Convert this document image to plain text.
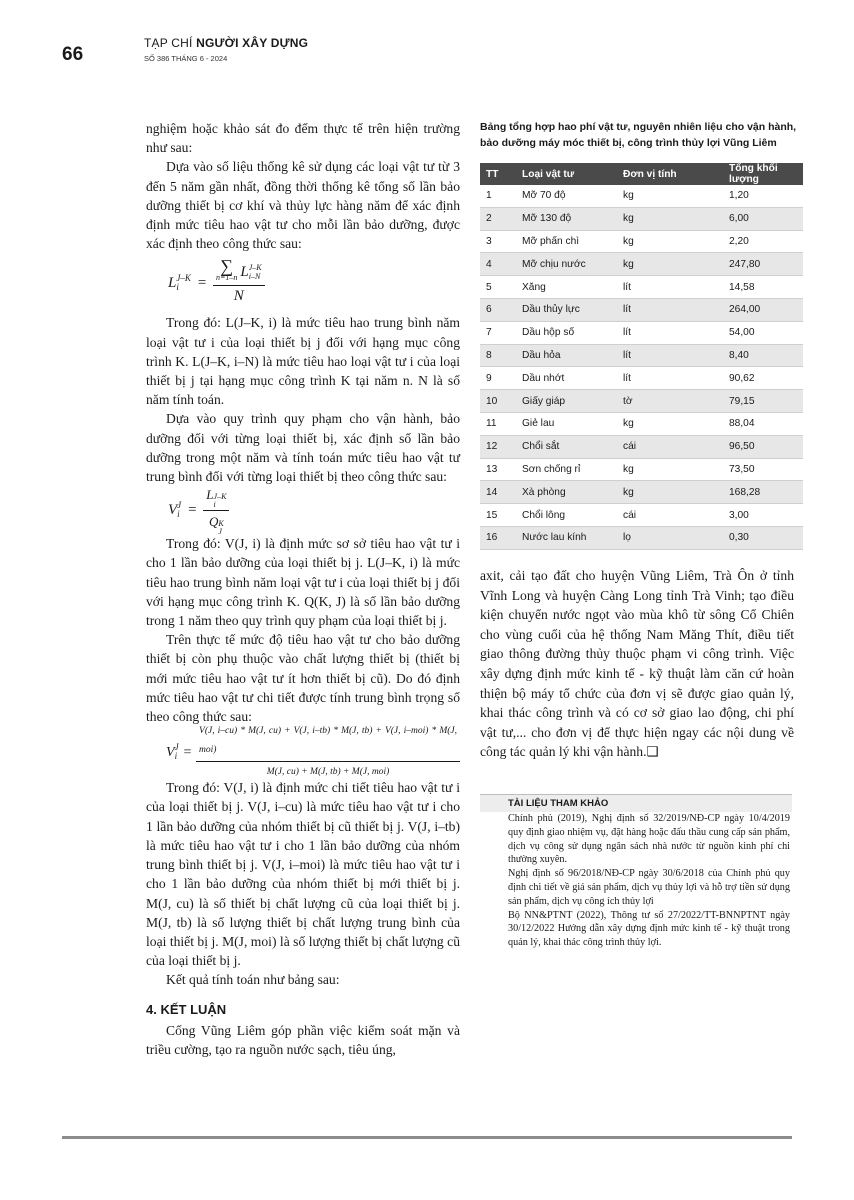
66
TẠP CHÍ NGƯỜI XÂY DỰNG
SỐ 386 THÁNG 6 - 2024

nghiệm hoặc khảo sát đo đếm thực tế trên hiện trường như sau:

Dựa vào số liệu thống kê sử dụng các loại vật tư từ 3 đến 5 năm gần nhất, đồng thời thống kê tổng số lần bảo dưỡng thiết bị cơ khí và thủy lực hàng năm để xác định định mức tiêu hao vật tư cho mỗi lần bảo dưỡng, được xác định theo công thức sau:

L J–K
i	= ∑
n=1–n L J–K
i–N
N

Trong đó: L(J–K, i) là mức tiêu hao trung bình năm loại vật tư i của loại thiết bị j đối với hạng mục công trình K. L(J–K, i–N) là mức tiêu hao loại vật tư i của loại thiết bị j tại hạng mục công trình K tại năm n. N là số năm tính toán.

Dựa vào quy trình quy phạm cho vận hành, bảo dưỡng đối với từng loại thiết bị, xác định số lần bảo dưỡng trong một năm và tính toán mức tiêu hao vật tư trung bình đối với từng loại thiết bị theo công thức sau:

V J
i = L J–K
i
Q K
J

Trong đó: V(J, i) là định mức sơ sở tiêu hao vật tư i cho 1 lần bảo dưỡng của loại thiết bị j. L(J–K, i) là mức tiêu hao trung bình năm loại vật tư i của loại thiết bị j đối với hạng mục công trình K. Q(K, J) là số lần bảo dưỡng trong 1 năm theo quy trình quy phạm của loại thiết bị j.

Trên thực tế mức độ tiêu hao vật tư cho bảo dưỡng thiết bị còn phụ thuộc vào chất lượng thiết bị (thiết bị mới mức tiêu hao vật tư ít hơn thiết bị cũ). Do đó định mức tiêu hao vật tư chi tiết được tính trung bình trọng số theo công thức sau:

V J
i =
V(J, i–cu) * M(J, cu) + V(J, i–tb) * M(J, tb) + V(J, i–moi) * M(J, moi)
M(J, cu) + M(J, tb) + M(J, moi)

Trong đó: V(J, i) là định mức chi tiết tiêu hao vật tư i của loại thiết bị j. V(J, i–cu) là mức tiêu hao vật tư i cho 1 lần bảo dưỡng của nhóm thiết bị cũ thiết bị j. V(J, i–tb) là mức tiêu hao vật tư i cho 1 lần bảo dưỡng của nhóm trung bình thiết bị j. V(J, i–moi) là mức tiêu hao vật tư i cho 1 lần bảo dưỡng của nhóm thiết bị mới thiết bị j. M(J, cu) là số thiết bị chất lượng cũ của loại thiết bị j. M(J, tb) là số lượng thiết bị chất lượng trung bình của loại thiết bị j. M(J, moi) là số lượng thiết bị chất lượng cũ của loại thiết bị j.

Kết quả tính toán như bảng sau:

4. KẾT LUẬN

Cống Vũng Liêm góp phần việc kiểm soát mặn và triều cường, tạo ra nguồn nước sạch, tiêu úng,

Bảng tổng hợp hao phí vật tư, nguyên nhiên liệu cho vận hành, bảo dưỡng máy móc thiết bị, công trình thủy lợi Vũng Liêm
TT	Loại vật tư	Đơn vị tính	Tổng khối lượng
1	Mỡ 70 độ	kg	1,20
2	Mỡ 130 độ	kg	6,00
3	Mỡ phấn chì	kg	2,20
4	Mỡ chịu nước	kg	247,80
5	Xăng	lít	14,58
6	Dầu thủy lực	lít	264,00
7	Dầu hộp số	lít	54,00
8	Dầu hỏa	lít	8,40
9	Dầu nhớt	lít	90,62
10	Giấy giáp	tờ	79,15
11	Giẻ lau	kg	88,04
12	Chổi sắt	cái	96,50
13	Sơn chống rỉ	kg	73,50
14	Xà phòng	kg	168,28
15	Chổi lông	cái	3,00
16	Nước lau kính	lọ	0,30

axit, cải tạo đất cho huyện Vũng Liêm, Trà Ôn ở tỉnh Vĩnh Long và huyện Càng Long tỉnh Trà Vinh; tạo điều kiện chuyển nước ngọt vào mùa khô từ sông Cổ Chiên cho vùng cuối của hệ thống Nam Măng Thít, điều tiết giao thông đường thủy thuộc phạm vi công trình. Việc xây dựng định mức kinh tế - kỹ thuật làm căn cứ hoàn thiện bộ máy tổ chức của đơn vị sẽ được giao quản lý, khai thác công trình và có cơ sở giao lao động, chi phí vật tư,... cho đơn vị để thực hiện ngay các nội dung về công tác quản lý khi vận hành.❑

TÀI LIỆU THAM KHẢO

Chính phủ (2019), Nghị định số 32/2019/NĐ-CP ngày 10/4/2019 quy định giao nhiệm vụ, đặt hàng hoặc đấu thầu cung cấp sản phẩm, dịch vụ công sử dụng ngân sách nhà nước từ nguồn kinh phí chi thường xuyên.

Nghị định số 96/2018/NĐ-CP ngày 30/6/2018 của Chính phủ quy định chi tiết về giá sản phẩm, dịch vụ thủy lợi và hỗ trợ tiền sử dụng sản phẩm, dịch vụ công ích thủy lợi

Bộ NN&PTNT (2022), Thông tư số 27/2022/TT-BNNPTNT ngày 30/12/2022 Hướng dẫn xây dựng định mức kinh tế - kỹ thuật trong quản lý, khai thác công trình thủy lợi.
